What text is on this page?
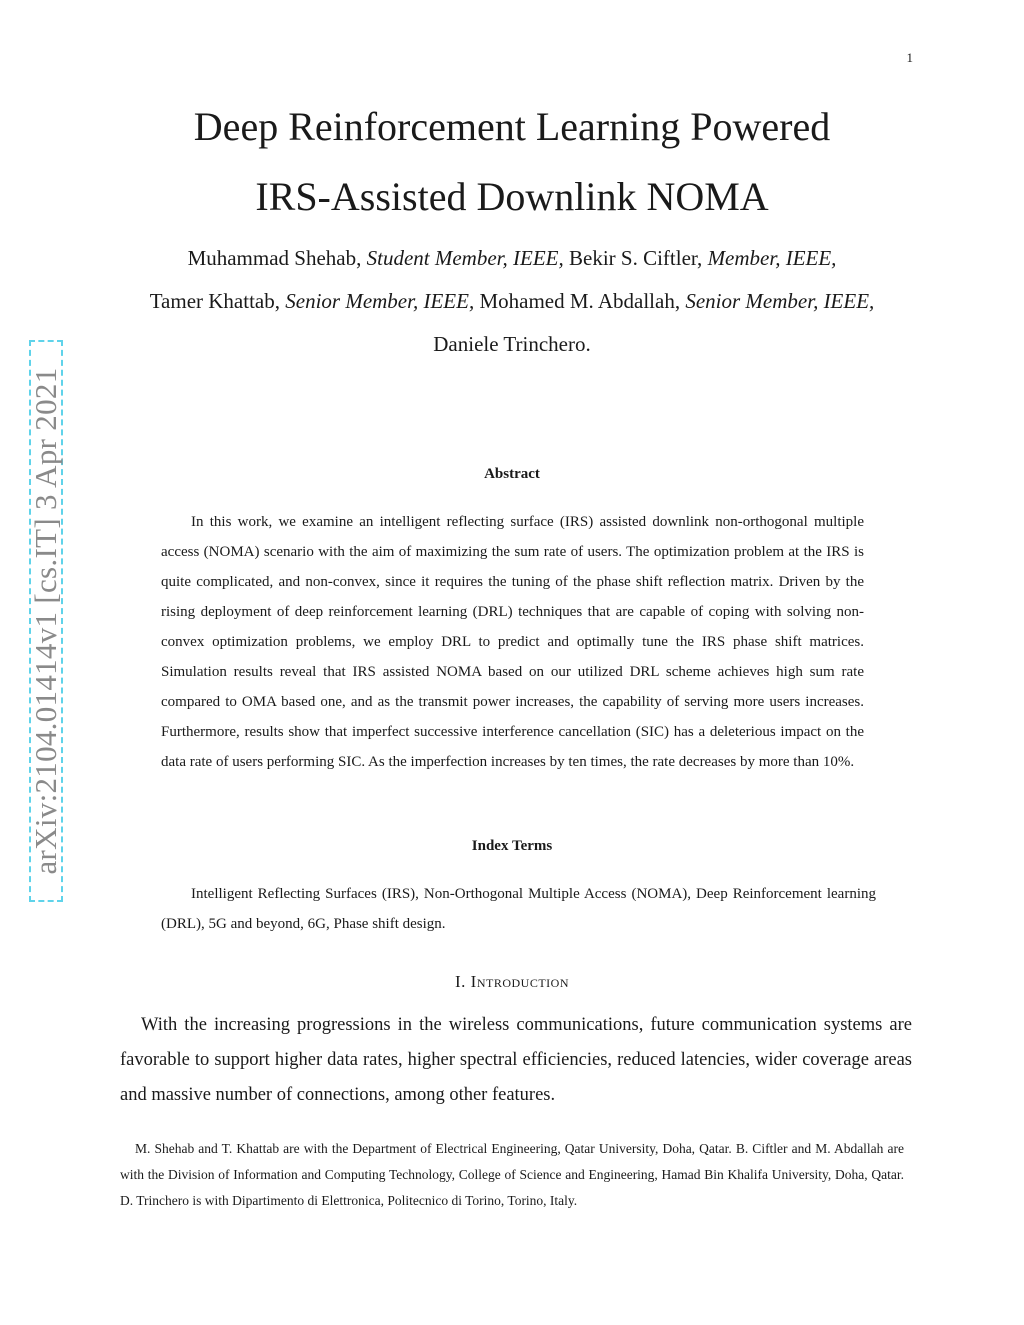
1
arXiv:2104.01414v1 [cs.IT] 3 Apr 2021
Deep Reinforcement Learning Powered
IRS-Assisted Downlink NOMA
Muhammad Shehab, Student Member, IEEE, Bekir S. Ciftler, Member, IEEE,
Tamer Khattab, Senior Member, IEEE, Mohamed M. Abdallah, Senior Member, IEEE, Daniele Trinchero.
Abstract
In this work, we examine an intelligent reflecting surface (IRS) assisted downlink non-orthogonal multiple access (NOMA) scenario with the aim of maximizing the sum rate of users. The optimization problem at the IRS is quite complicated, and non-convex, since it requires the tuning of the phase shift reflection matrix. Driven by the rising deployment of deep reinforcement learning (DRL) techniques that are capable of coping with solving non-convex optimization problems, we employ DRL to predict and optimally tune the IRS phase shift matrices. Simulation results reveal that IRS assisted NOMA based on our utilized DRL scheme achieves high sum rate compared to OMA based one, and as the transmit power increases, the capability of serving more users increases. Furthermore, results show that imperfect successive interference cancellation (SIC) has a deleterious impact on the data rate of users performing SIC. As the imperfection increases by ten times, the rate decreases by more than 10%.
Index Terms
Intelligent Reflecting Surfaces (IRS), Non-Orthogonal Multiple Access (NOMA), Deep Reinforcement learning (DRL), 5G and beyond, 6G, Phase shift design.
I. Introduction
With the increasing progressions in the wireless communications, future communication systems are favorable to support higher data rates, higher spectral efficiencies, reduced latencies, wider coverage areas and massive number of connections, among other features.
M. Shehab and T. Khattab are with the Department of Electrical Engineering, Qatar University, Doha, Qatar. B. Ciftler and M. Abdallah are with the Division of Information and Computing Technology, College of Science and Engineering, Hamad Bin Khalifa University, Doha, Qatar. D. Trinchero is with Dipartimento di Elettronica, Politecnico di Torino, Torino, Italy.
